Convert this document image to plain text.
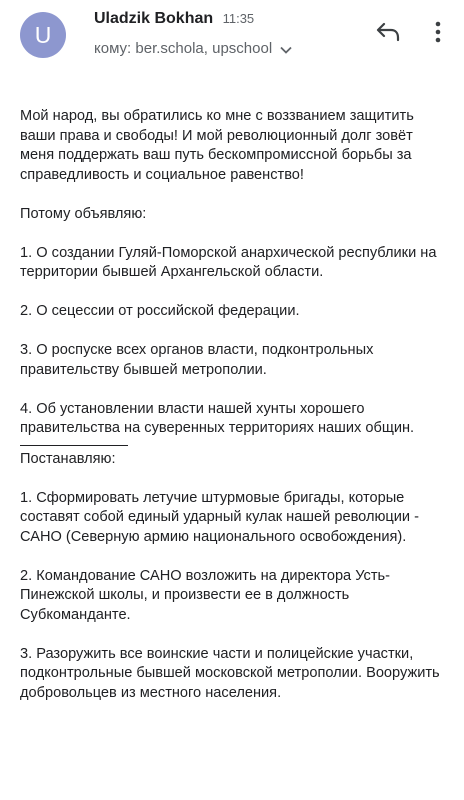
U
Uladzik Bokhan 11:35
кому: ber.schola, upschool

Мой народ, вы обратились ко мне с воззванием защитить ваши права и свободы! И мой революционный долг зовёт меня поддержать ваш путь бескомпромиссной борьбы за справедливость и социальное равенство!

Потому объявляю:

1. О создании Гуляй-Поморской анархической республики на территории бывшей Архангельской области.

2. О сецессии от российской федерации.

3. О роспуске всех органов власти, подконтрольных правительству бывшей метрополии.

4. Об установлении власти нашей хунты хорошего правительства на суверенных территориях наших общин.

Постанавляю:

1. Сформировать летучие штурмовые бригады, которые составят собой единый ударный кулак нашей революции - САНО (Северную армию национального освобождения).

2. Командование САНО возложить на директора Усть-Пинежской школы, и произвести ее в должность Субкоманданте.

3. Разоружить все воинские части и полицейские участки, подконтрольные бывшей московской метрополии. Вооружить добровольцев из местного населения.
